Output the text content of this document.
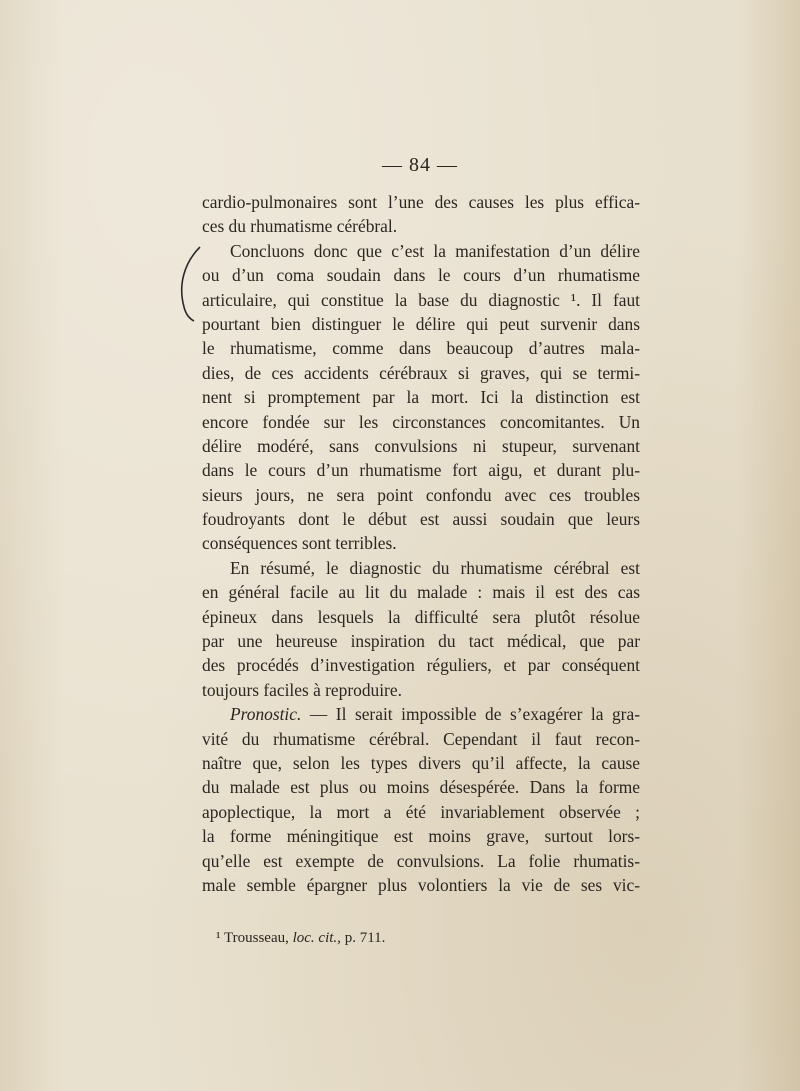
— 84 —
cardio-pulmonaires sont l’une des causes les plus effica-
ces du rhumatisme cérébral.
Concluons donc que c’est la manifestation d’un délire
ou d’un coma soudain dans le cours d’un rhumatisme
articulaire, qui constitue la base du diagnostic ¹. Il faut
pourtant bien distinguer le délire qui peut survenir dans
le rhumatisme, comme dans beaucoup d’autres mala-
dies, de ces accidents cérébraux si graves, qui se termi-
nent si promptement par la mort. Ici la distinction est
encore fondée sur les circonstances concomitantes. Un
délire modéré, sans convulsions ni stupeur, survenant
dans le cours d’un rhumatisme fort aigu, et durant plu-
sieurs jours, ne sera point confondu avec ces troubles
foudroyants dont le début est aussi soudain que leurs
conséquences sont terribles.
En résumé, le diagnostic du rhumatisme cérébral est
en général facile au lit du malade : mais il est des cas
épineux dans lesquels la difficulté sera plutôt résolue
par une heureuse inspiration du tact médical, que par
des procédés d’investigation réguliers, et par conséquent
toujours faciles à reproduire.
Pronostic. — Il serait impossible de s’exagérer la gra-
vité du rhumatisme cérébral. Cependant il faut recon-
naître que, selon les types divers qu’il affecte, la cause
du malade est plus ou moins désespérée. Dans la forme
apoplectique, la mort a été invariablement observée ;
la forme méningitique est moins grave, surtout lors-
qu’elle est exempte de convulsions. La folie rhumatis-
male semble épargner plus volontiers la vie de ses vic-
¹ Trousseau, loc. cit., p. 711.
